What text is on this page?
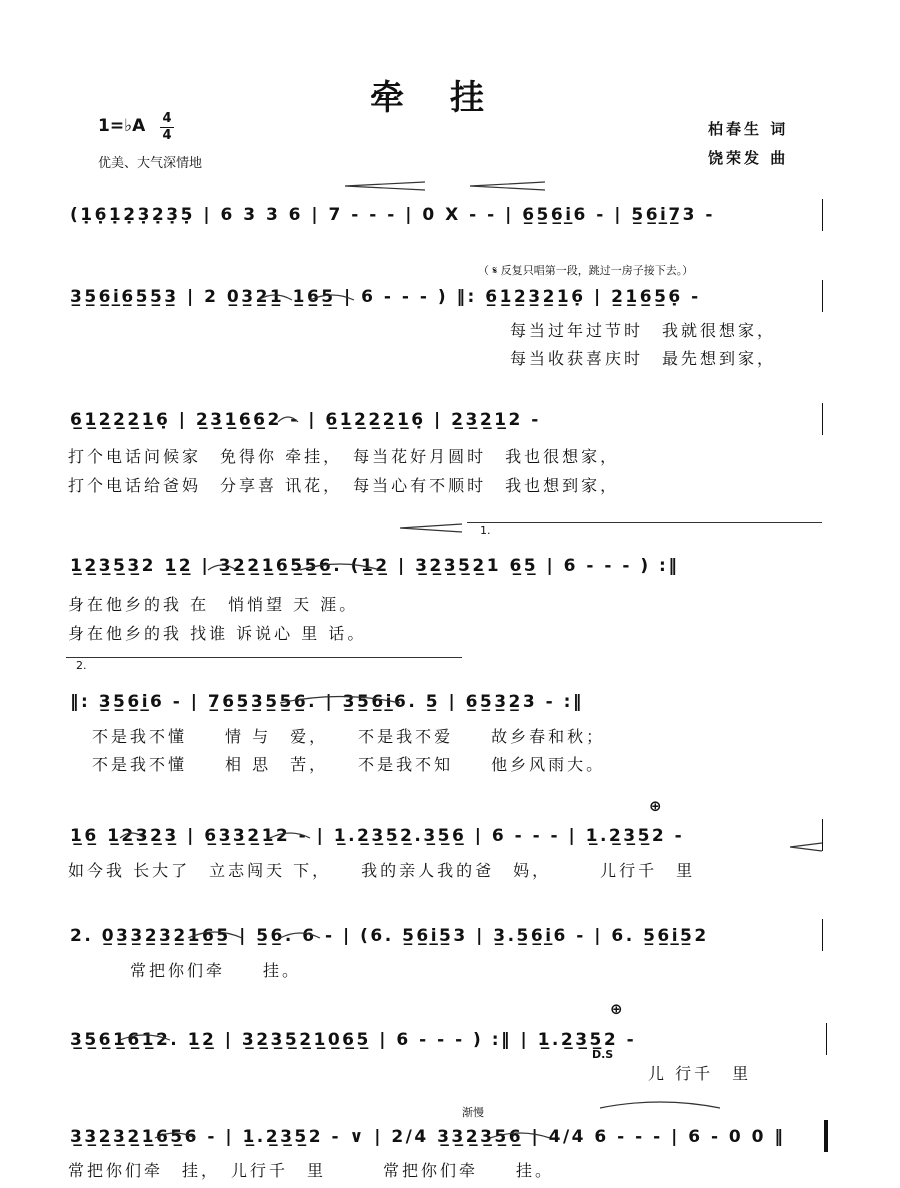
牵挂
1=♭A 4
4
优美、大气深情地
柏春生 词
饶荣发 曲
(1̣6̣1̣2̣3̣2̣3̣5̣ | 6 3 3 6 | 7 - - - | 0 X - - | 6̲5̲6̲i̲6 - | 5̲6̲i̲7̲3 -
（ 𝄋 反复只唱第一段，跳过一房子接下去。）
3̲5̲6̲i̲6̲5̲5̲3̲ | 2 0̲3̲2̲1̲ 1̲6̲5̲ | 6 - - - ) ‖: 6̲1̲2̲3̲2̲1̲6̣ | 2̲1̲6̲5̲6̣ -
每当过年过节时　我就很想家，
每当收获喜庆时　最先想到家，
6̲1̲2̲2̲2̲1̲6̣ | 2̲3̲1̲6̲6̲2 - | 6̲1̲2̲2̲2̲1̲6̣ | 2̲3̲2̲1̲2 -
打个电话问候家　免得你 牵挂，　每当花好月圆时　我也很想家，
打个电话给爸妈　分享喜 讯花，　每当心有不顺时　我也想到家，
1.
1̲2̲3̲5̲3̲2 1̲2̲ | 3̲2̲2̲1̲6̲5̲5̲6̲. (1̲2̲ | 3̲2̲3̲5̲2̲1 6̲5̲ | 6 - - - ) :‖
身在他乡的我 在　悄悄望 天 涯。
身在他乡的我 找谁 诉说心 里 话。
2.
‖: 3̲5̲6̲i̲6 - | 7̲6̲5̲3̲5̲5̲6̲. | 3̲5̲6̲i̲6. 5̲ | 6̲5̲3̲2̲3 - :‖
不是我不懂　　情 与　爱，　　不是我不爱　　故乡春和秋；
不是我不懂　　相 思　苦，　　不是我不知　　他乡风雨大。
⊕
1̲6̲ 1̲2̲3̲2̲3̲ | 6̲3̲3̲2̲1̲2 - | 1̲.2̲3̲5̲2̲.3̲5̲6̲ | 6 - - - | 1̲.2̲3̲5̲2 -
如今我 长大了　立志闯天 下，　　我的亲人我的爸　妈，　　　儿行千　里
2. 0̲3̲3̲2̲3̲2̲1̲6̲5̲ | 5̲6̲. 6 - | (6. 5̲6̲i̲5̲3 | 3̲.5̲6̲i̲6 - | 6. 5̲6̲i̲5̲2
常把你们牵　　挂。
⊕
3̲5̲6̲1̲6̲1̲2. 1̲2̲ | 3̲2̲3̲5̲2̲1̲0̲6̲5̲ | 6 - - - ) :‖ | 1̲.2̲3̲5̲2 -
D.S
儿 行千　里
渐慢
3̲3̲2̲3̲2̲1̲6̲5̲6 - | 1̲.2̲3̲5̲2 - ∨ | 2/4 3̲3̲2̲3̲5̲6̲ | 4/4 6 - - - | 6 - 0 0 ‖
常把你们牵　挂，　儿行千　里　　　常把你们牵　　挂。
